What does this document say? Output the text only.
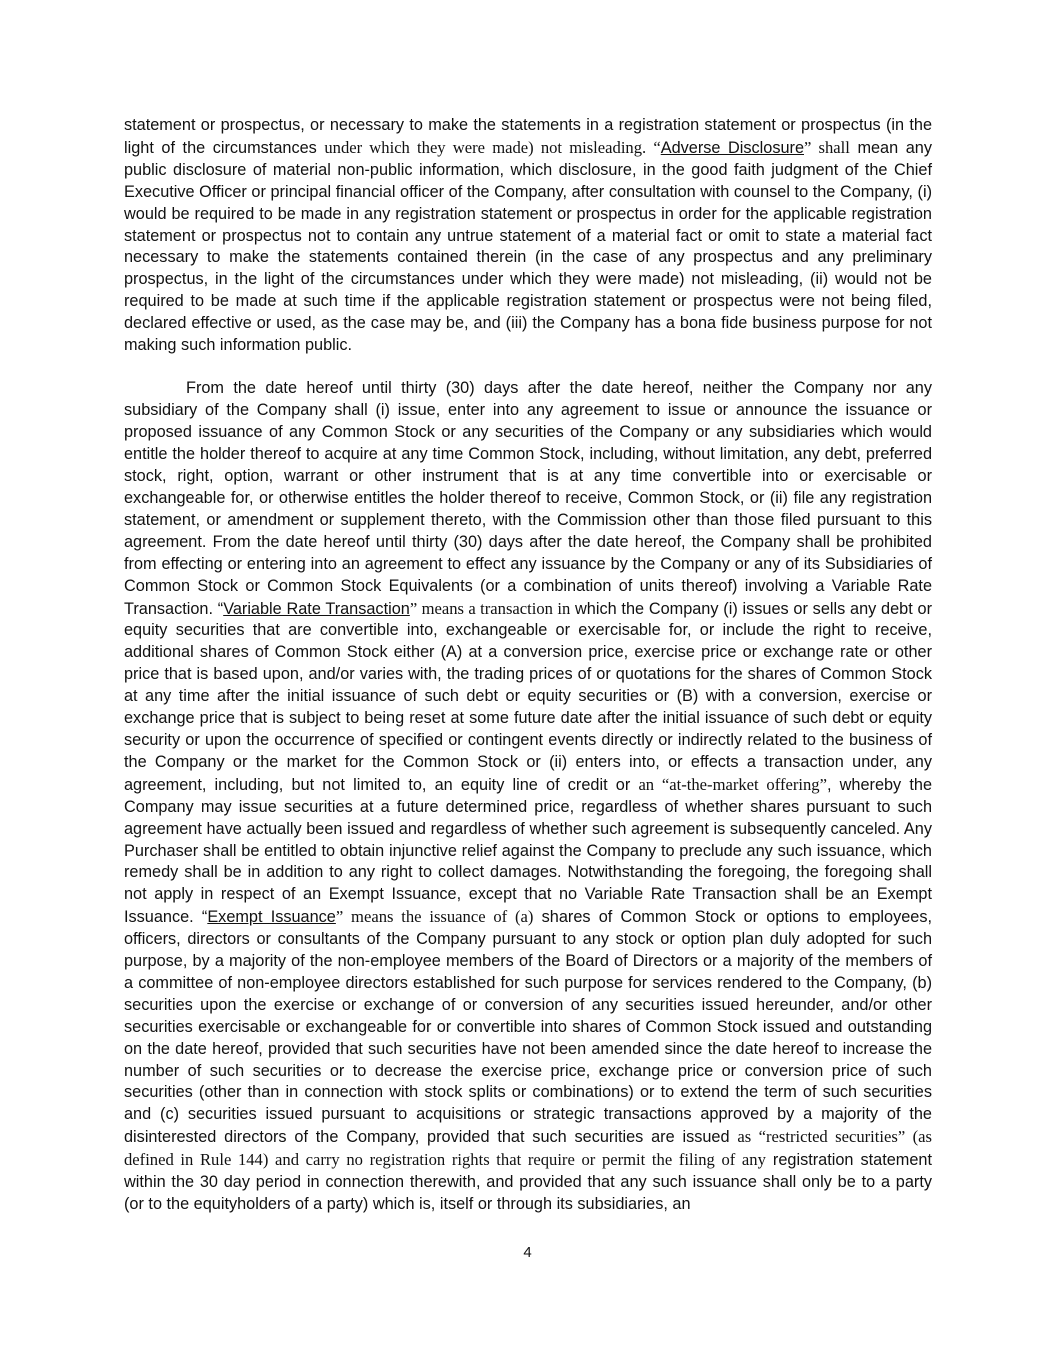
statement or prospectus, or necessary to make the statements in a registration statement or prospectus (in the light of the circumstances under which they were made) not misleading. “Adverse Disclosure” shall mean any public disclosure of material non-public information, which disclosure, in the good faith judgment of the Chief Executive Officer or principal financial officer of the Company, after consultation with counsel to the Company, (i) would be required to be made in any registration statement or prospectus in order for the applicable registration statement or prospectus not to contain any untrue statement of a material fact or omit to state a material fact necessary to make the statements contained therein (in the case of any prospectus and any preliminary prospectus, in the light of the circumstances under which they were made) not misleading, (ii) would not be required to be made at such time if the applicable registration statement or prospectus were not being filed, declared effective or used, as the case may be, and (iii) the Company has a bona fide business purpose for not making such information public.

From the date hereof until thirty (30) days after the date hereof, neither the Company nor any subsidiary of the Company shall (i) issue, enter into any agreement to issue or announce the issuance or proposed issuance of any Common Stock or any securities of the Company or any subsidiaries which would entitle the holder thereof to acquire at any time Common Stock, including, without limitation, any debt, preferred stock, right, option, warrant or other instrument that is at any time convertible into or exercisable or exchangeable for, or otherwise entitles the holder thereof to receive, Common Stock, or (ii) file any registration statement, or amendment or supplement thereto, with the Commission other than those filed pursuant to this agreement. From the date hereof until thirty (30) days after the date hereof, the Company shall be prohibited from effecting or entering into an agreement to effect any issuance by the Company or any of its Subsidiaries of Common Stock or Common Stock Equivalents (or a combination of units thereof) involving a Variable Rate Transaction. “Variable Rate Transaction” means a transaction in which the Company (i) issues or sells any debt or equity securities that are convertible into, exchangeable or exercisable for, or include the right to receive, additional shares of Common Stock either (A) at a conversion price, exercise price or exchange rate or other price that is based upon, and/or varies with, the trading prices of or quotations for the shares of Common Stock at any time after the initial issuance of such debt or equity securities or (B) with a conversion, exercise or exchange price that is subject to being reset at some future date after the initial issuance of such debt or equity security or upon the occurrence of specified or contingent events directly or indirectly related to the business of the Company or the market for the Common Stock or (ii) enters into, or effects a transaction under, any agreement, including, but not limited to, an equity line of credit or an “at-the-market offering”, whereby the Company may issue securities at a future determined price, regardless of whether shares pursuant to such agreement have actually been issued and regardless of whether such agreement is subsequently canceled. Any Purchaser shall be entitled to obtain injunctive relief against the Company to preclude any such issuance, which remedy shall be in addition to any right to collect damages. Notwithstanding the foregoing, the foregoing shall not apply in respect of an Exempt Issuance, except that no Variable Rate Transaction shall be an Exempt Issuance. “Exempt Issuance” means the issuance of (a) shares of Common Stock or options to employees, officers, directors or consultants of the Company pursuant to any stock or option plan duly adopted for such purpose, by a majority of the non-employee members of the Board of Directors or a majority of the members of a committee of non-employee directors established for such purpose for services rendered to the Company, (b) securities upon the exercise or exchange of or conversion of any securities issued hereunder, and/or other securities exercisable or exchangeable for or convertible into shares of Common Stock issued and outstanding on the date hereof, provided that such securities have not been amended since the date hereof to increase the number of such securities or to decrease the exercise price, exchange price or conversion price of such securities (other than in connection with stock splits or combinations) or to extend the term of such securities and (c) securities issued pursuant to acquisitions or strategic transactions approved by a majority of the disinterested directors of the Company, provided that such securities are issued as “restricted securities” (as defined in Rule 144) and carry no registration rights that require or permit the filing of any registration statement within the 30 day period in connection therewith, and provided that any such issuance shall only be to a party (or to the equityholders of a party) which is, itself or through its subsidiaries, an

4
